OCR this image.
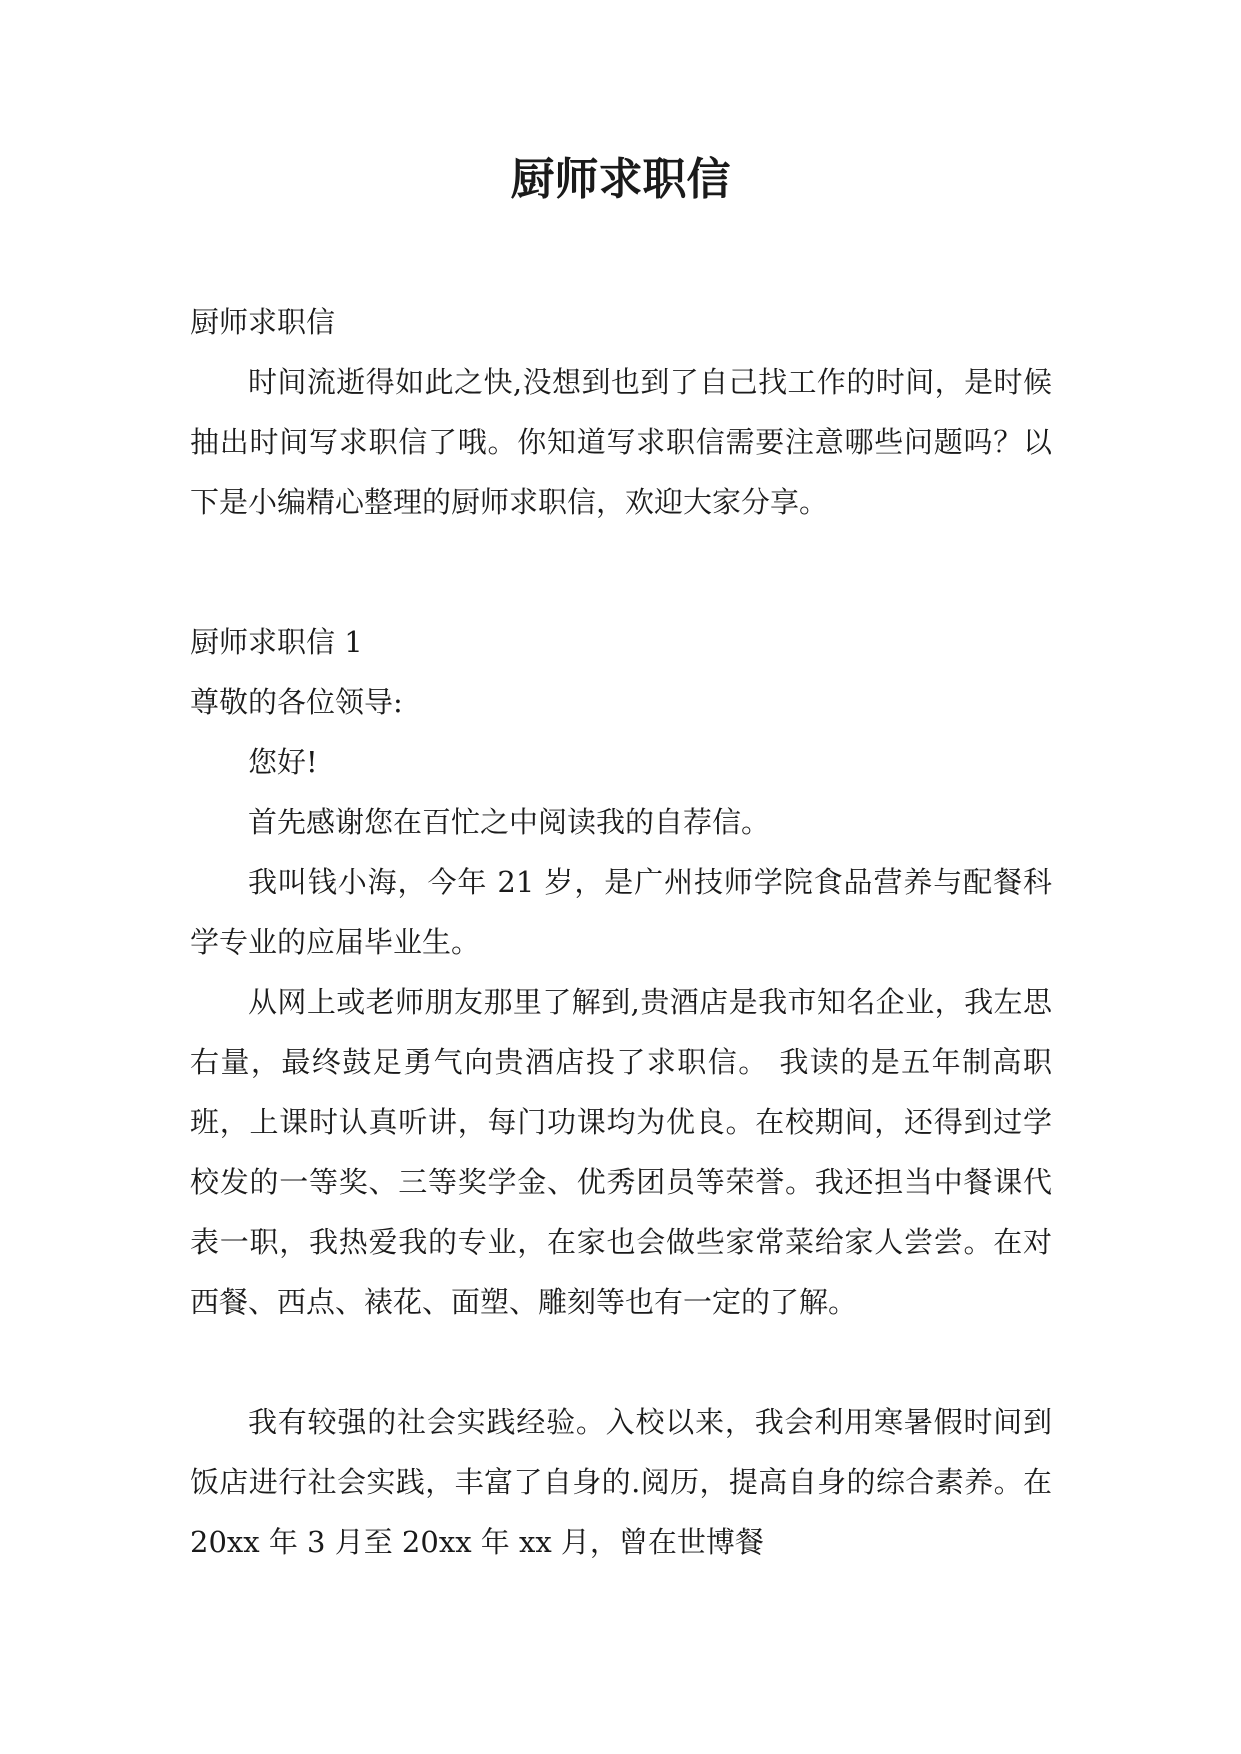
厨师求职信

厨师求职信

时间流逝得如此之快,没想到也到了自己找工作的时间，是时候抽出时间写求职信了哦。你知道写求职信需要注意哪些问题吗？以下是小编精心整理的厨师求职信，欢迎大家分享。

厨师求职信 1

尊敬的各位领导:

您好!

首先感谢您在百忙之中阅读我的自荐信。

我叫钱小海，今年 21 岁，是广州技师学院食品营养与配餐科学专业的应届毕业生。

从网上或老师朋友那里了解到,贵酒店是我市知名企业，我左思右量，最终鼓足勇气向贵酒店投了求职信。 我读的是五年制高职班，上课时认真听讲，每门功课均为优良。在校期间，还得到过学校发的一等奖、三等奖学金、优秀团员等荣誉。我还担当中餐课代表一职，我热爱我的专业，在家也会做些家常菜给家人尝尝。在对西餐、西点、裱花、面塑、雕刻等也有一定的了解。

我有较强的社会实践经验。入校以来，我会利用寒暑假时间到饭店进行社会实践，丰富了自身的.阅历，提高自身的综合素养。在 20xx 年 3 月至 20xx 年 xx 月，曾在世博餐
